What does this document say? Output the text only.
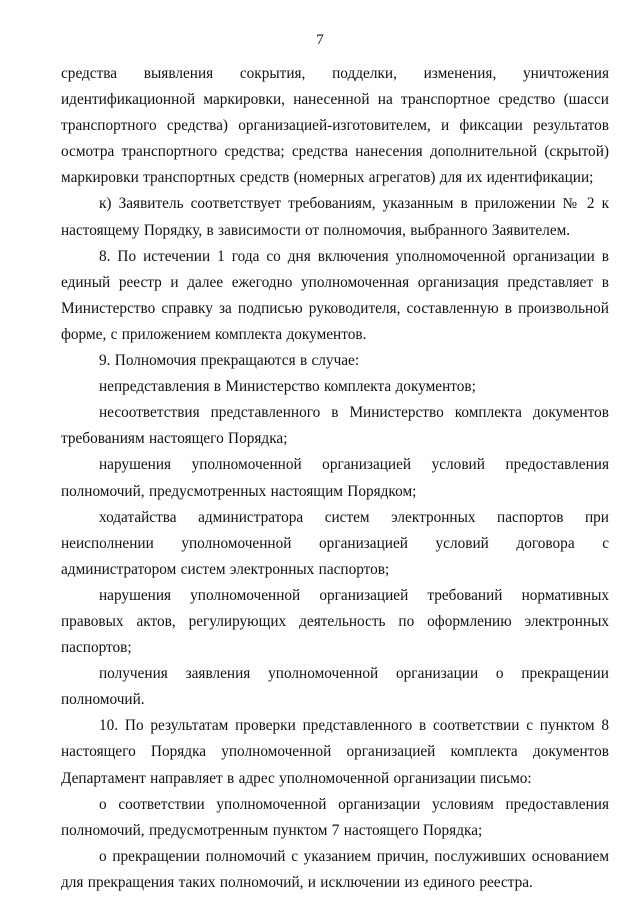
7

средства выявления сокрытия, подделки, изменения, уничтожения идентификационной маркировки, нанесенной на транспортное средство (шасси транспортного средства) организацией-изготовителем, и фиксации результатов осмотра транспортного средства; средства нанесения дополнительной (скрытой) маркировки транспортных средств (номерных агрегатов) для их идентификации;

к) Заявитель соответствует требованиям, указанным в приложении № 2 к настоящему Порядку, в зависимости от полномочия, выбранного Заявителем.

8. По истечении 1 года со дня включения уполномоченной организации в единый реестр и далее ежегодно уполномоченная организация представляет в Министерство справку за подписью руководителя, составленную в произвольной форме, с приложением комплекта документов.

9. Полномочия прекращаются в случае:

непредставления в Министерство комплекта документов;

несоответствия представленного в Министерство комплекта документов требованиям настоящего Порядка;

нарушения уполномоченной организацией условий предоставления полномочий, предусмотренных настоящим Порядком;

ходатайства администратора систем электронных паспортов при неисполнении уполномоченной организацией условий договора с администратором систем электронных паспортов;

нарушения уполномоченной организацией требований нормативных правовых актов, регулирующих деятельность по оформлению электронных паспортов;

получения заявления уполномоченной организации о прекращении полномочий.

10. По результатам проверки представленного в соответствии с пунктом 8 настоящего Порядка уполномоченной организацией комплекта документов Департамент направляет в адрес уполномоченной организации письмо:

о соответствии уполномоченной организации условиям предоставления полномочий, предусмотренным пунктом 7 настоящего Порядка;

о прекращении полномочий с указанием причин, послуживших основанием для прекращения таких полномочий, и исключении из единого реестра.
